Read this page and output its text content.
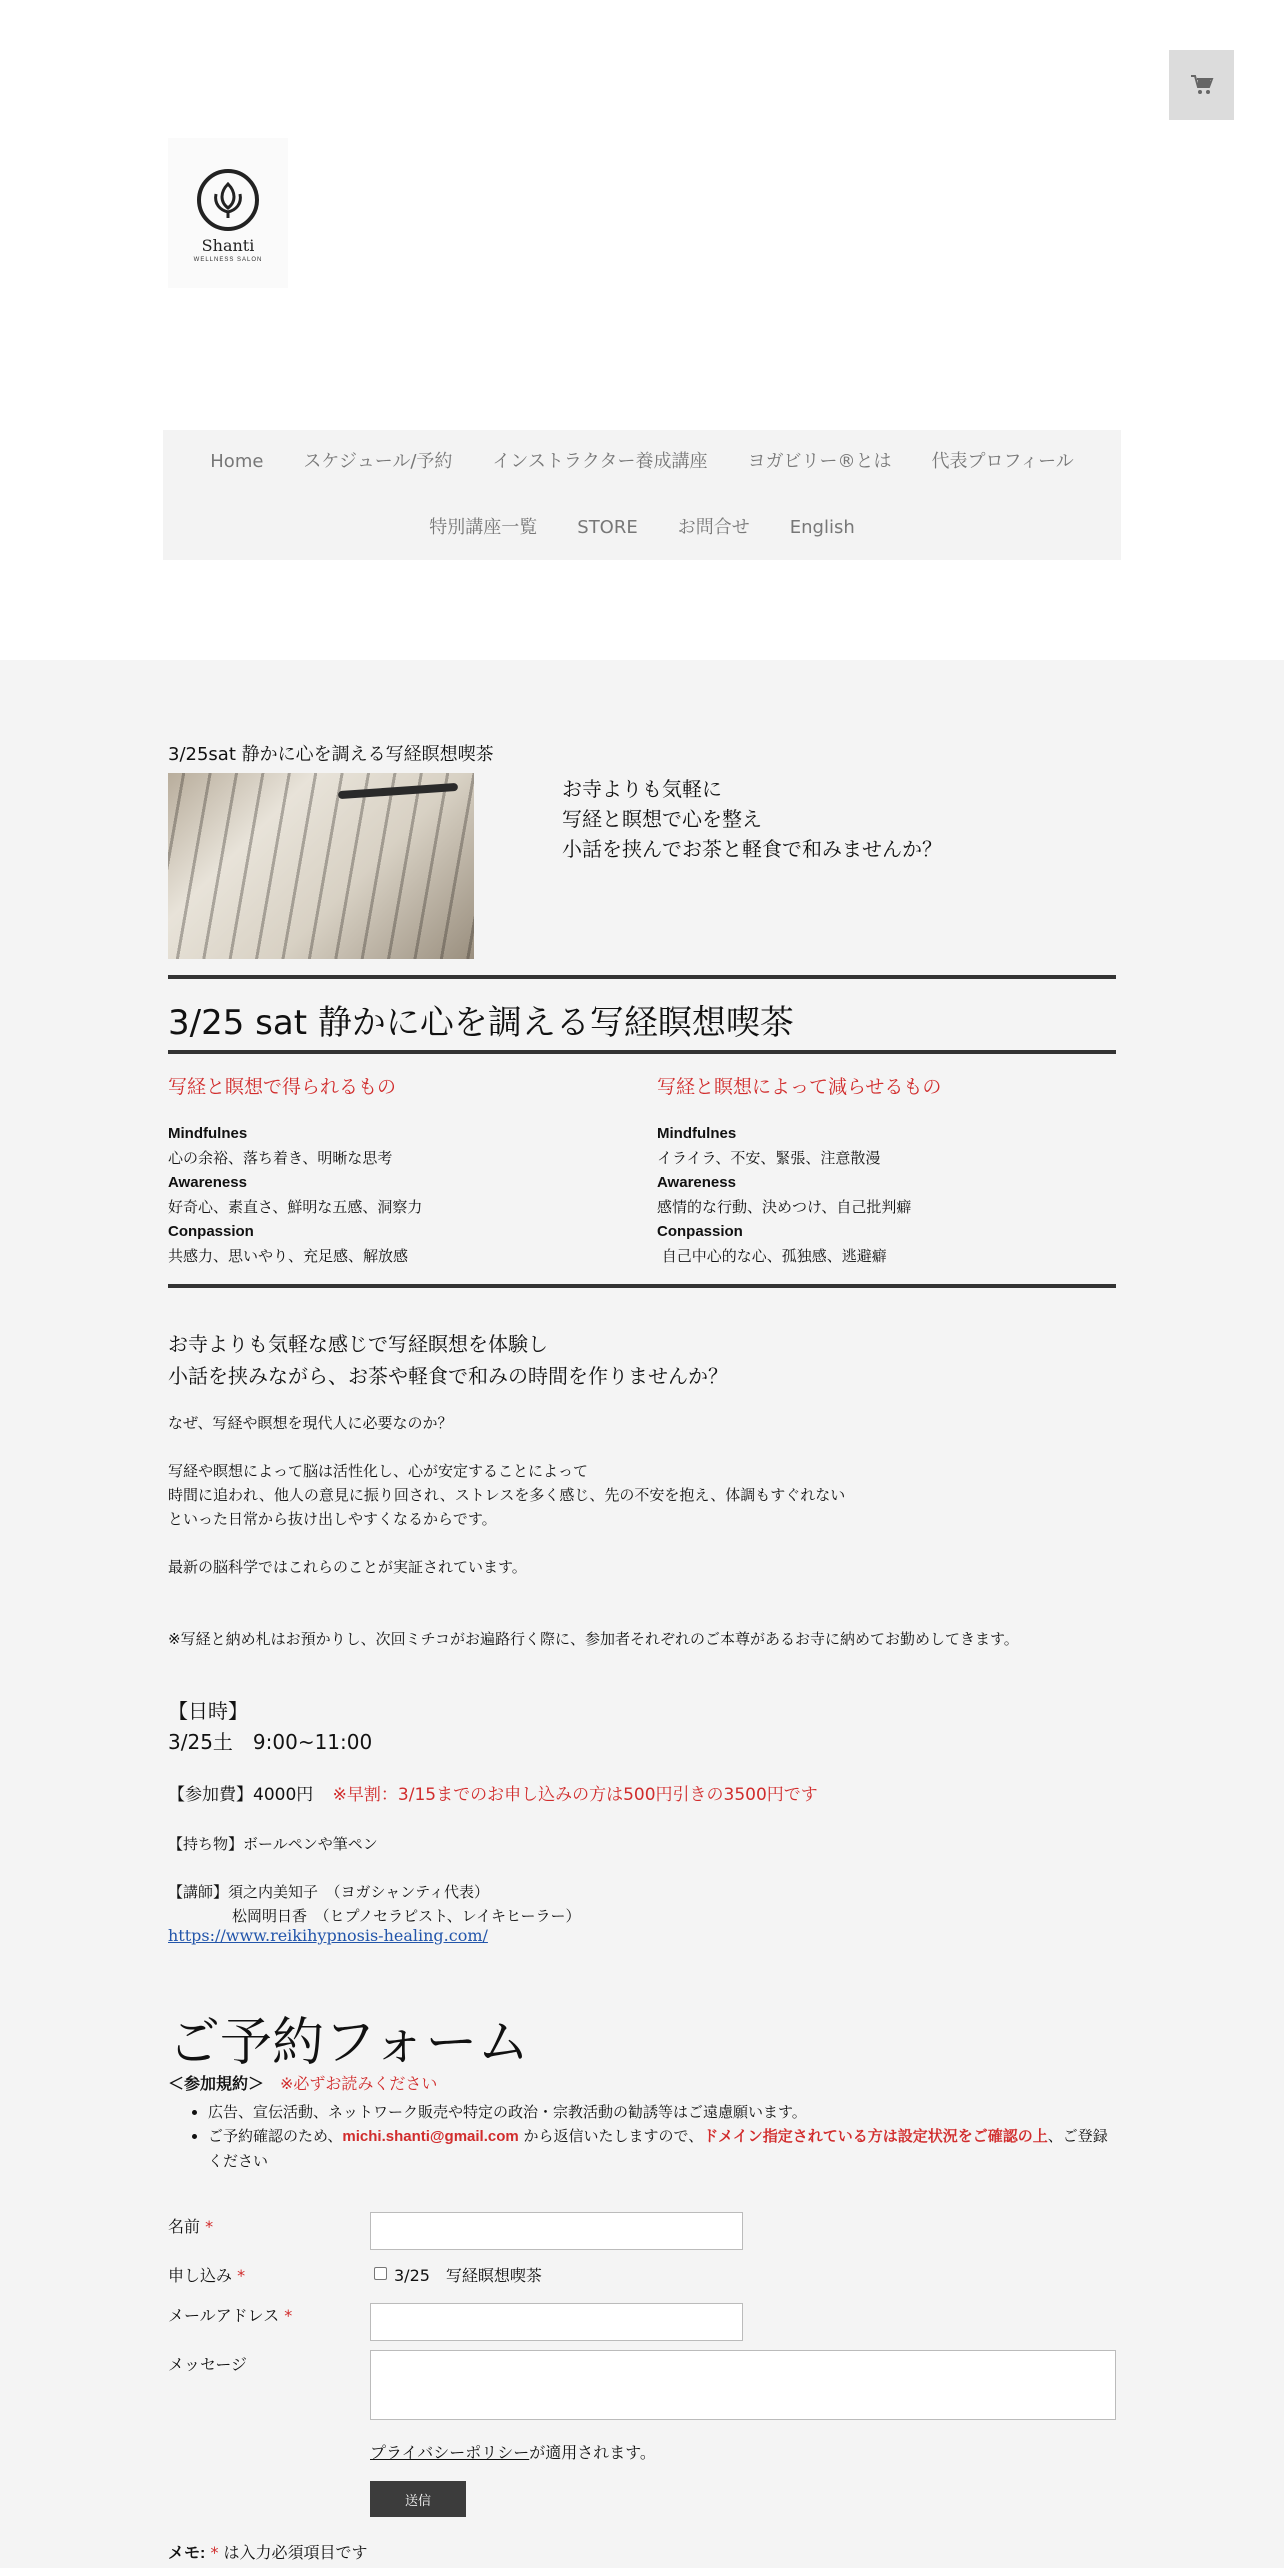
Shanti
WELLNESS SALON
Home スケジュール/予約 インストラクター養成講座 ヨガビリー®とは 代表プロフィール
特別講座一覧 STORE お問合せ English
3/25sat 静かに心を調える写経瞑想喫茶
お寺よりも気軽に
写経と瞑想で心を整え
小話を挟んでお茶と軽食で和みませんか？
3/25 sat 静かに心を調える写経瞑想喫茶
写経と瞑想で得られるもの
Mindfulnes
心の余裕、落ち着き、明晰な思考
Awareness
好奇心、素直さ、鮮明な五感、洞察力
Conpassion
共感力、思いやり、充足感、解放感
写経と瞑想によって減らせるもの
Mindfulnes
イライラ、不安、緊張、注意散漫
Awareness
感情的な行動、決めつけ、自己批判癖
Conpassion
自己中心的な心、孤独感、逃避癖
お寺よりも気軽な感じで写経瞑想を体験し
小話を挟みながら、お茶や軽食で和みの時間を作りませんか？
なぜ、写経や瞑想を現代人に必要なのか？
写経や瞑想によって脳は活性化し、心が安定することによって
時間に追われ、他人の意見に振り回され、ストレスを多く感じ、先の不安を抱え、体調もすぐれない
といった日常から抜け出しやすくなるからです。
最新の脳科学ではこれらのことが実証されています。
※写経と納め札はお預かりし、次回ミチコがお遍路行く際に、参加者それぞれのご本尊があるお寺に納めてお勤めしてきます。
【日時】
3/25土　9:00~11:00
【参加費】4000円 ※早割：3/15までのお申し込みの方は500円引きの3500円です
【持ち物】ボールペンや筆ペン
【講師】須之内美知子　（ヨガシャンティ代表）
松岡明日香　（ヒプノセラピスト、レイキヒーラー）
https://www.reikihypnosis-healing.com/
ご予約フォーム
＜参加規約＞ ※必ずお読みください
• 広告、宣伝活動、ネットワーク販売や特定の政治・宗教活動の勧誘等はご遠慮願います。
• ご予約確認のため、michi.shanti@gmail.com から返信いたしますので、ドメイン指定されている方は設定状況をご確認の上、ご登録ください
名前 *
申し込み *	3/25　写経瞑想喫茶
メールアドレス *
メッセージ
プライバシーポリシーが適用されます。
送信
メモ: * は入力必須項目です
